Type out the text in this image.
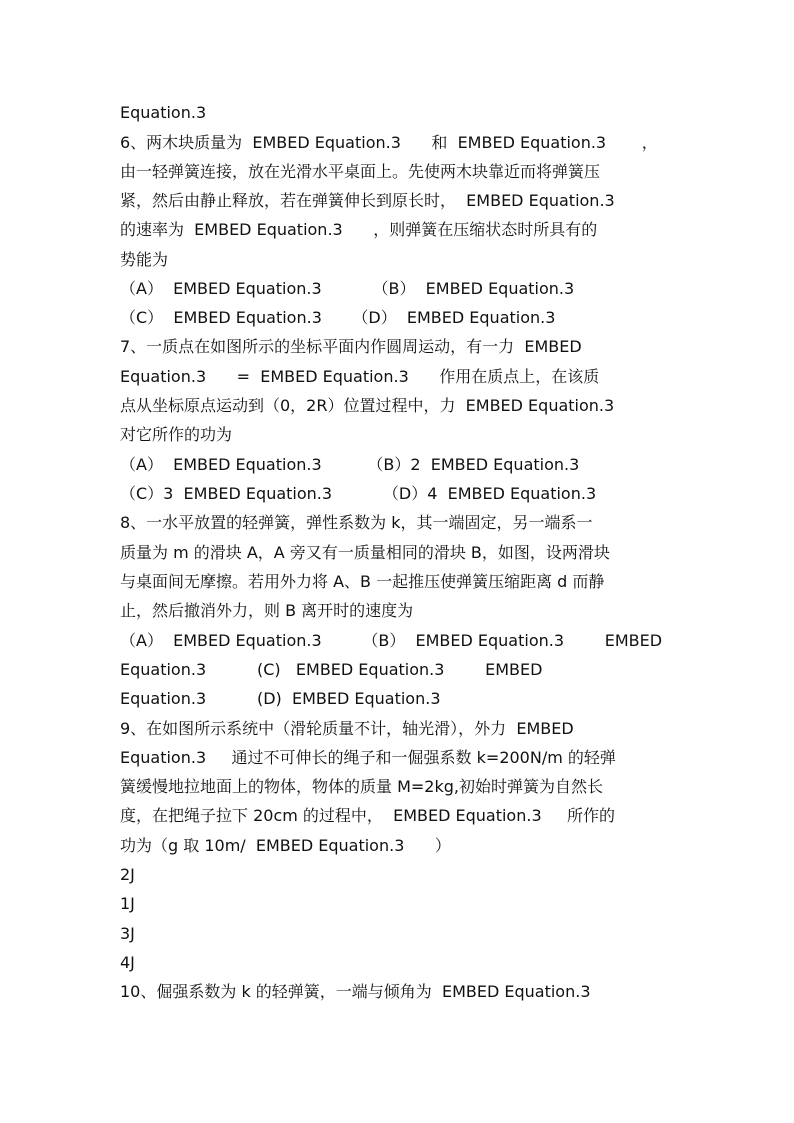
Equation.3
6、两木块质量为  EMBED Equation.3      和  EMBED Equation.3       ，
由一轻弹簧连接，放在光滑水平桌面上。先使两木块靠近而将弹簧压
紧，然后由静止释放，若在弹簧伸长到原长时，  EMBED Equation.3
的速率为  EMBED Equation.3      ，则弹簧在压缩状态时所具有的
势能为
（A）  EMBED Equation.3          （B）  EMBED Equation.3
（C）  EMBED Equation.3      （D）  EMBED Equation.3
7、一质点在如图所示的坐标平面内作圆周运动，有一力  EMBED
Equation.3      =  EMBED Equation.3      作用在质点上，在该质
点从坐标原点运动到（0，2R）位置过程中，力  EMBED Equation.3
对它所作的功为
（A）  EMBED Equation.3         （B）2  EMBED Equation.3
（C）3  EMBED Equation.3          （D）4  EMBED Equation.3
8、一水平放置的轻弹簧，弹性系数为 k，其一端固定，另一端系一
质量为 m 的滑块 A，A 旁又有一质量相同的滑块 B，如图，设两滑块
与桌面间无摩擦。若用外力将 A、B 一起推压使弹簧压缩距离 d 而静
止，然后撤消外力，则 B 离开时的速度为
（A）  EMBED Equation.3        （B）  EMBED Equation.3        EMBED
Equation.3          (C)   EMBED Equation.3        EMBED
Equation.3          (D)  EMBED Equation.3
9、在如图所示系统中（滑轮质量不计，轴光滑），外力  EMBED
Equation.3     通过不可伸长的绳子和一倔强系数 k=200N/m 的轻弹
簧缓慢地拉地面上的物体，物体的质量 M=2kg,初始时弹簧为自然长
度，在把绳子拉下 20cm 的过程中，  EMBED Equation.3     所作的
功为（g 取 10m/  EMBED Equation.3      ）
2J
1J
3J
4J
10、倔强系数为 k 的轻弹簧，一端与倾角为  EMBED Equation.3
